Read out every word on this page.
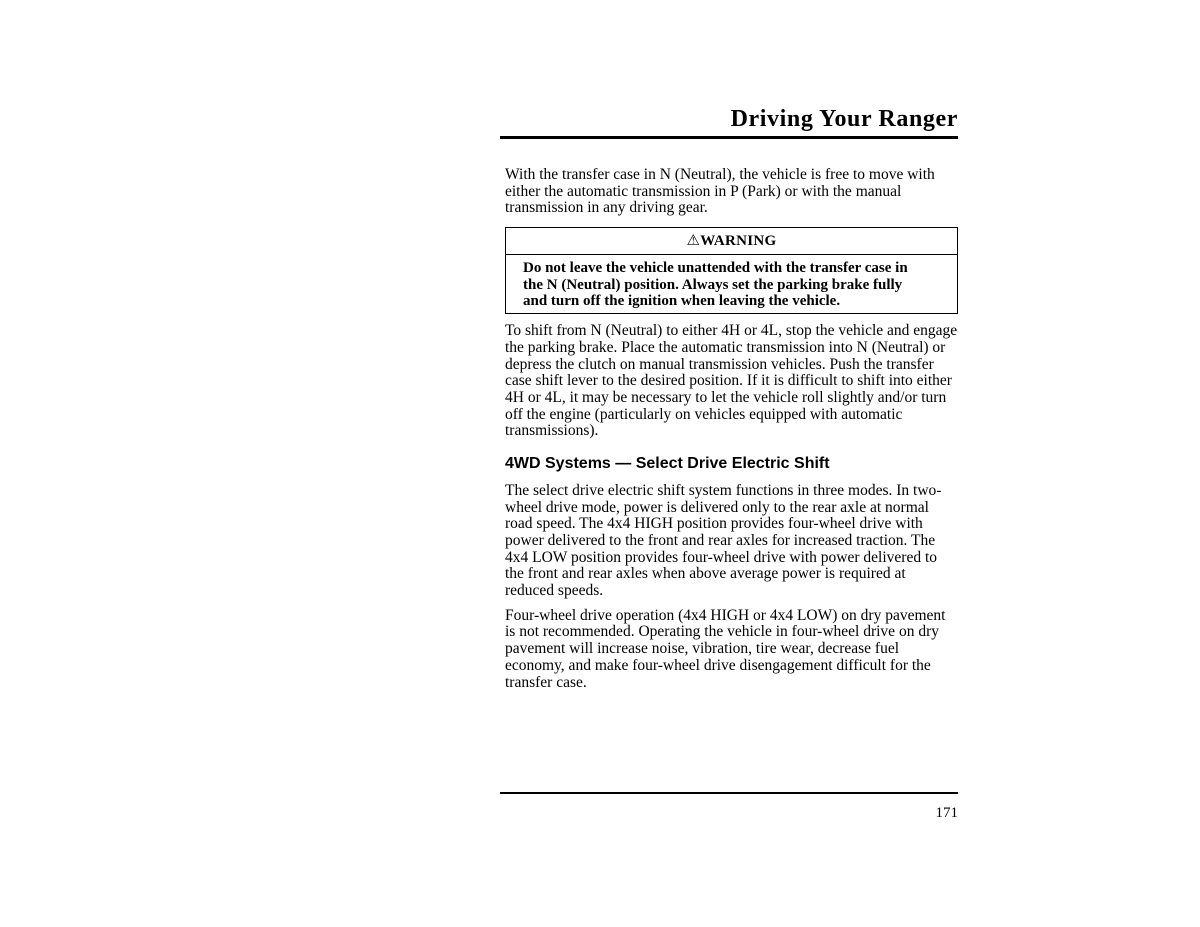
Driving Your Ranger

With the transfer case in N (Neutral), the vehicle is free to move with either the automatic transmission in P (Park) or with the manual transmission in any driving gear.

⚠WARNING
Do not leave the vehicle unattended with the transfer case in the N (Neutral) position. Always set the parking brake fully and turn off the ignition when leaving the vehicle.

To shift from N (Neutral) to either 4H or 4L, stop the vehicle and engage the parking brake. Place the automatic transmission into N (Neutral) or depress the clutch on manual transmission vehicles. Push the transfer case shift lever to the desired position. If it is difficult to shift into either 4H or 4L, it may be necessary to let the vehicle roll slightly and/or turn off the engine (particularly on vehicles equipped with automatic transmissions).

4WD Systems — Select Drive Electric Shift

The select drive electric shift system functions in three modes. In two-wheel drive mode, power is delivered only to the rear axle at normal road speed. The 4x4 HIGH position provides four-wheel drive with power delivered to the front and rear axles for increased traction. The 4x4 LOW position provides four-wheel drive with power delivered to the front and rear axles when above average power is required at reduced speeds.

Four-wheel drive operation (4x4 HIGH or 4x4 LOW) on dry pavement is not recommended. Operating the vehicle in four-wheel drive on dry pavement will increase noise, vibration, tire wear, decrease fuel economy, and make four-wheel drive disengagement difficult for the transfer case.

171
